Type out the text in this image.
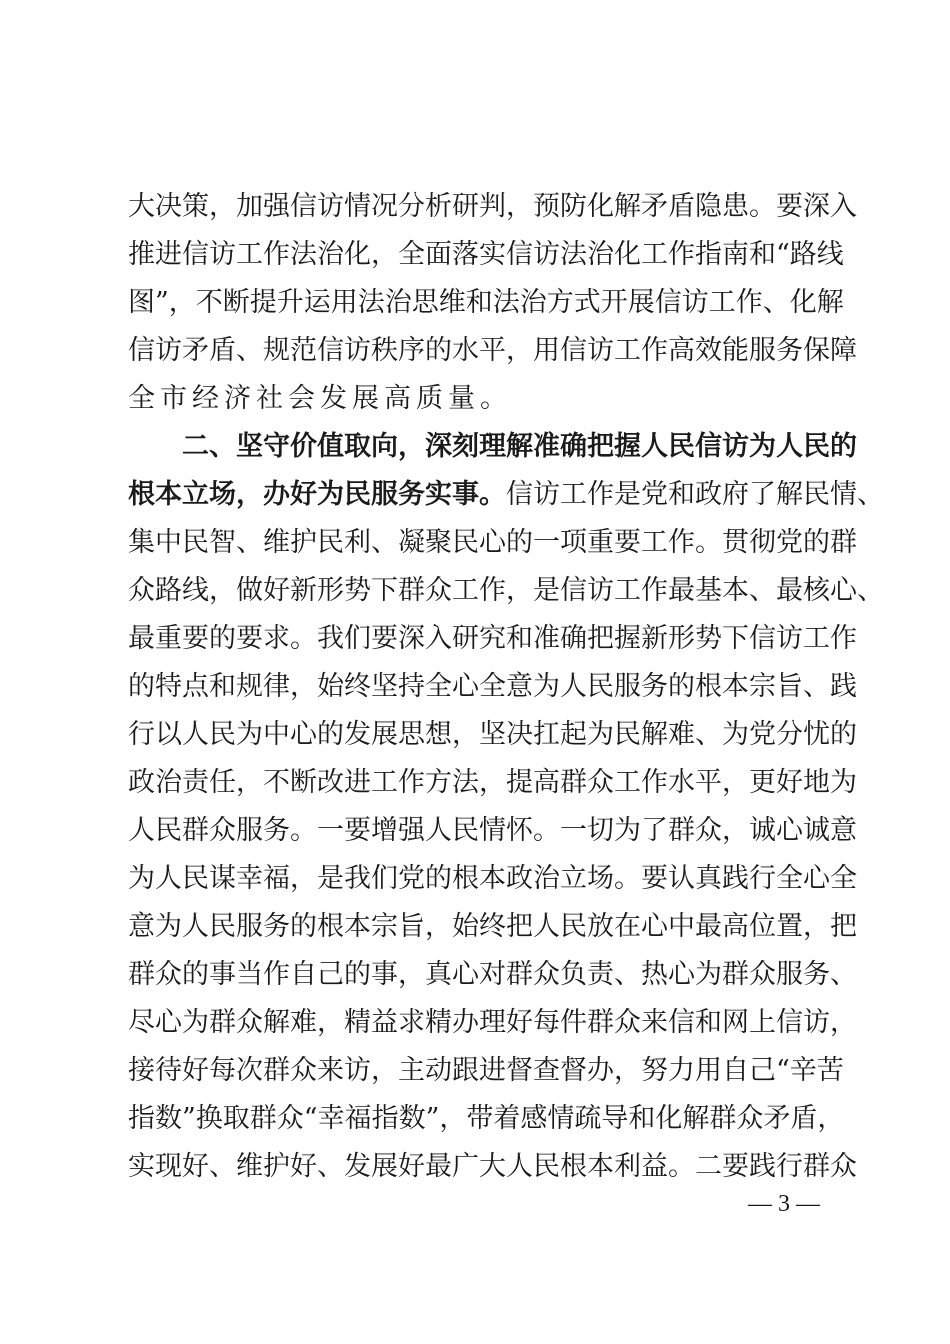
大决策，加强信访情况分析研判，预防化解矛盾隐患。要深入
推进信访工作法治化，全面落实信访法治化工作指南和“路线
图”，不断提升运用法治思维和法治方式开展信访工作、化解
信访矛盾、规范信访秩序的水平，用信访工作高效能服务保障
全市经济社会发展高质量。
二、坚守价值取向，深刻理解准确把握人民信访为人民的
根本立场，办好为民服务实事。信访工作是党和政府了解民情、
集中民智、维护民利、凝聚民心的一项重要工作。贯彻党的群
众路线，做好新形势下群众工作，是信访工作最基本、最核心、
最重要的要求。我们要深入研究和准确把握新形势下信访工作
的特点和规律，始终坚持全心全意为人民服务的根本宗旨、践
行以人民为中心的发展思想，坚决扛起为民解难、为党分忧的
政治责任，不断改进工作方法，提高群众工作水平，更好地为
人民群众服务。一要增强人民情怀。一切为了群众，诚心诚意
为人民谋幸福，是我们党的根本政治立场。要认真践行全心全
意为人民服务的根本宗旨，始终把人民放在心中最高位置，把
群众的事当作自己的事，真心对群众负责、热心为群众服务、
尽心为群众解难，精益求精办理好每件群众来信和网上信访，
接待好每次群众来访，主动跟进督查督办，努力用自己“辛苦
指数”换取群众“幸福指数”，带着感情疏导和化解群众矛盾，
实现好、维护好、发展好最广大人民根本利益。二要践行群众
— 3 —
